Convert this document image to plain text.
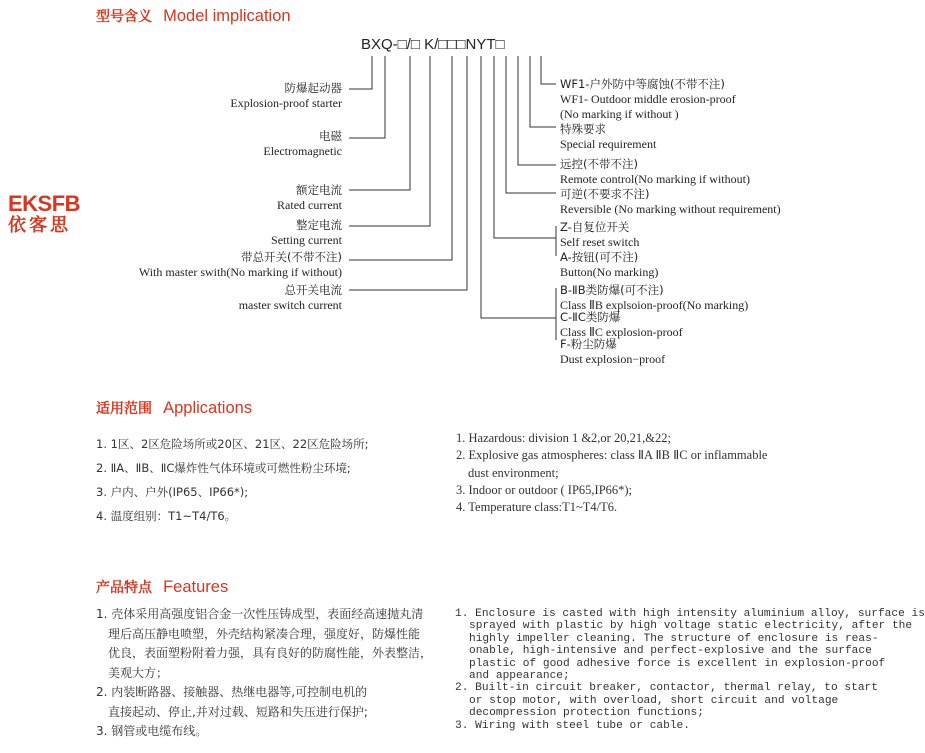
型号含义 Model implication
BXQ-□/□ K/□□□NYT□
EKSFB
依客思
防爆起动器
Explosion-proof starter
电磁
Electromagnetic
额定电流
Rated current
整定电流
Setting current
带总开关(不带不注)
With master swith(No marking if without)
总开关电流
master switch current
WF1-户外防中等腐蚀(不带不注)
WF1- Outdoor middle erosion-proof
(No marking if without )
特殊要求
Special requirement
远控(不带不注)
Remote control(No marking if without)
可逆(不要求不注)
Reversible (No marking without requirement)
Z-自复位开关
Self reset switch
A-按钮(可不注)
Button(No marking)
B-ⅡB类防爆(可不注)
Class ⅡB explsoion-proof(No marking)
C-ⅡC类防爆
Class ⅡC explosion-proof
F-粉尘防爆
Dust explosion−proof
适用范围 Applications
1. 1区、2区危险场所或20区、21区、22区危险场所;
2. ⅡA、ⅡB、ⅡC爆炸性气体环境或可燃性粉尘环境;
3. 户内、户外(IP65、IP66*);
4. 温度组别：T1~T4/T6。
1. Hazardous: division 1 &2,or 20,21,&22;
2. Explosive gas atmospheres: class ⅡA ⅡB ⅡC or inflammable
dust environment;
3. Indoor or outdoor ( IP65,IP66*);
4. Temperature class:T1~T4/T6.
产品特点 Features
1. 壳体采用高强度铝合金一次性压铸成型，表面经高速抛丸清
理后高压静电喷塑，外壳结构紧凑合理，强度好，防爆性能
优良，表面塑粉附着力强，具有良好的防腐性能，外表整洁，
美观大方；
2. 内装断路器、接触器、热继电器等,可控制电机的
直接起动、停止,并对过载、短路和失压进行保护;
3. 钢管或电缆布线。
1. Enclosure is casted with high intensity aluminium alloy, surface is
sprayed with plastic by high voltage static electricity, after the
highly impeller cleaning. The structure of enclosure is reas-
onable, high-intensive and perfect-explosive and the surface
plastic of good adhesive force is excellent in explosion-proof
and appearance;
2. Built-in circuit breaker, contactor, thermal relay, to start
or stop motor, with overload, short circuit and voltage
decompression protection functions;
3. Wiring with steel tube or cable.
